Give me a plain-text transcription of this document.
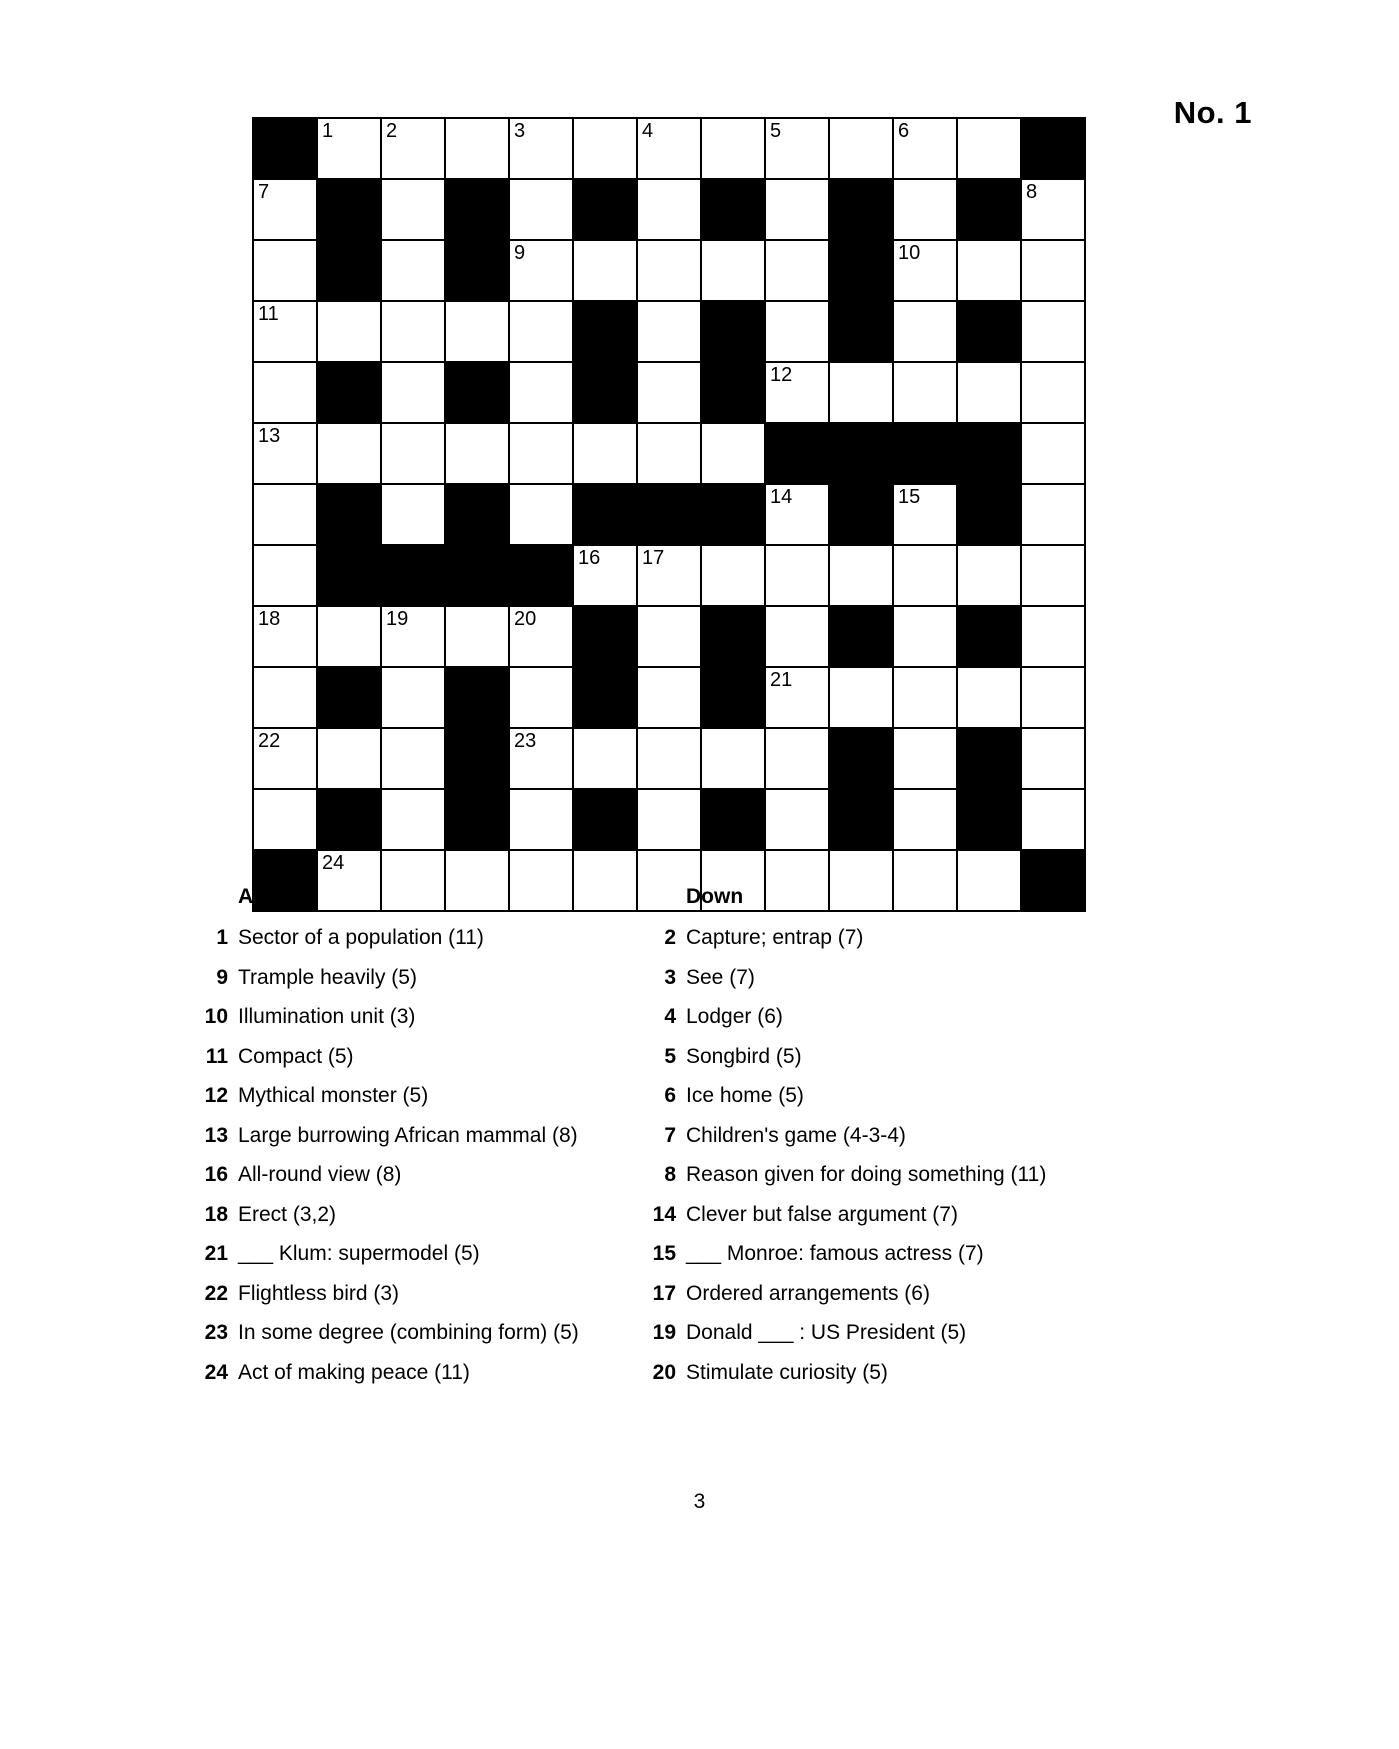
No. 1

	1	2		3		4		5		6		

7												8

				9						10		

11												

								12				

13												

								14		15		

					16	17						

18		19		20								

								21				

22				23								

	24											

Across
1 Sector of a population (11)
9 Trample heavily (5)
10 Illumination unit (3)
11 Compact (5)
12 Mythical monster (5)
13 Large burrowing African mammal (8)
16 All-round view (8)
18 Erect (3,2)
21 ___ Klum: supermodel (5)
22 Flightless bird (3)
23 In some degree (combining form) (5)
24 Act of making peace (11)
Down
2 Capture; entrap (7)
3 See (7)
4 Lodger (6)
5 Songbird (5)
6 Ice home (5)
7 Children's game (4-3-4)
8 Reason given for doing something (11)
14 Clever but false argument (7)
15 ___ Monroe: famous actress (7)
17 Ordered arrangements (6)
19 Donald ___ : US President (5)
20 Stimulate curiosity (5)
3
